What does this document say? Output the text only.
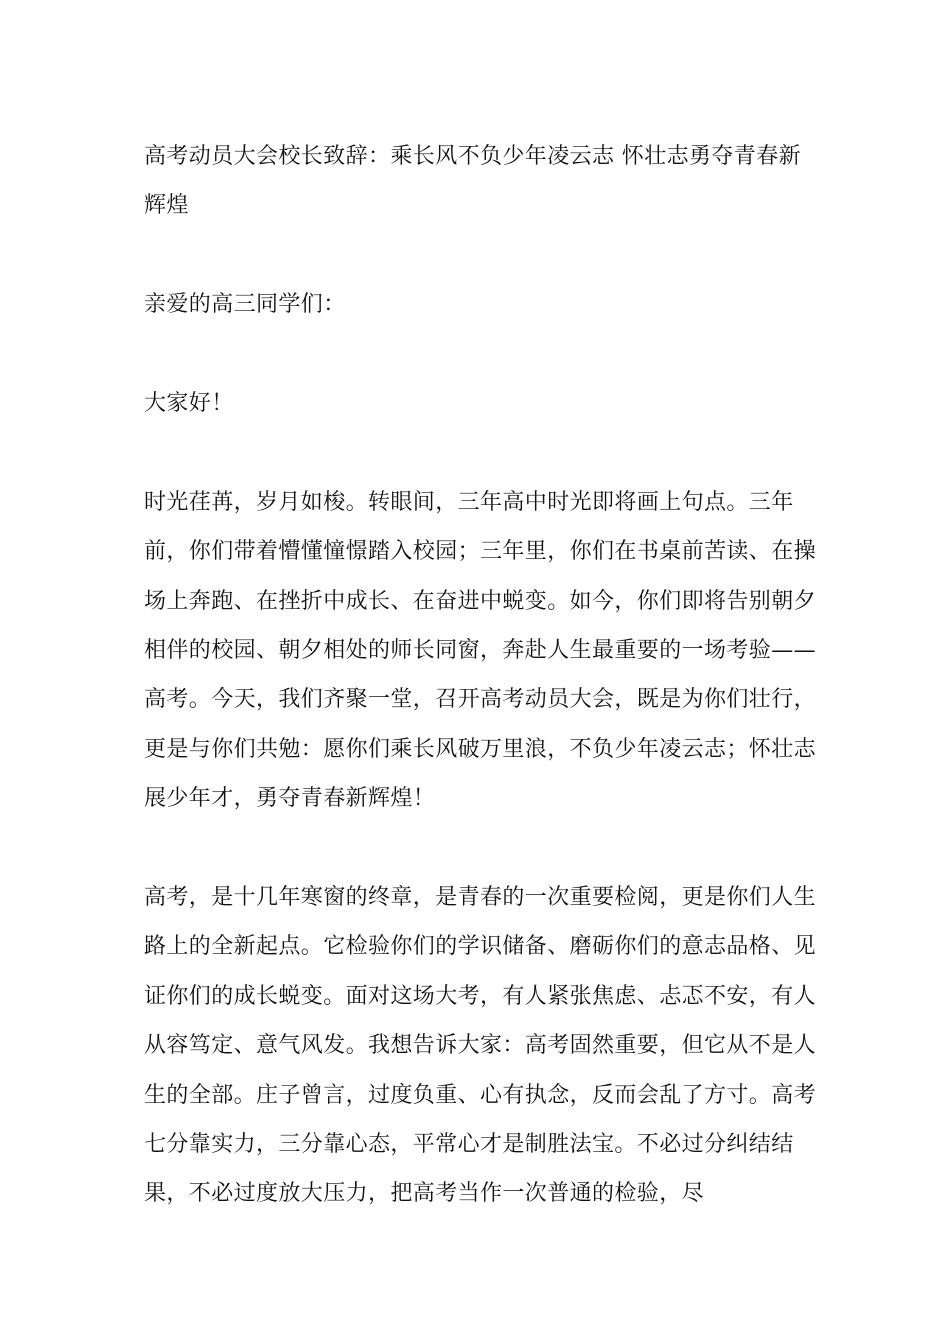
高考动员大会校长致辞：乘长风不负少年凌云志 怀壮志勇夺青春新辉煌

亲爱的高三同学们：

大家好！

时光荏苒，岁月如梭。转眼间，三年高中时光即将画上句点。三年前，你们带着懵懂憧憬踏入校园；三年里，你们在书桌前苦读、在操场上奔跑、在挫折中成长、在奋进中蜕变。如今，你们即将告别朝夕相伴的校园、朝夕相处的师长同窗，奔赴人生最重要的一场考验——高考。今天，我们齐聚一堂，召开高考动员大会，既是为你们壮行，更是与你们共勉：愿你们乘长风破万里浪，不负少年凌云志；怀壮志展少年才，勇夺青春新辉煌！

高考，是十几年寒窗的终章，是青春的一次重要检阅，更是你们人生路上的全新起点。它检验你们的学识储备、磨砺你们的意志品格、见证你们的成长蜕变。面对这场大考，有人紧张焦虑、忐忑不安，有人从容笃定、意气风发。我想告诉大家：高考固然重要，但它从不是人生的全部。庄子曾言，过度负重、心有执念，反而会乱了方寸。高考七分靠实力，三分靠心态，平常心才是制胜法宝。不必过分纠结结果，不必过度放大压力，把高考当作一次普通的检验，尽
